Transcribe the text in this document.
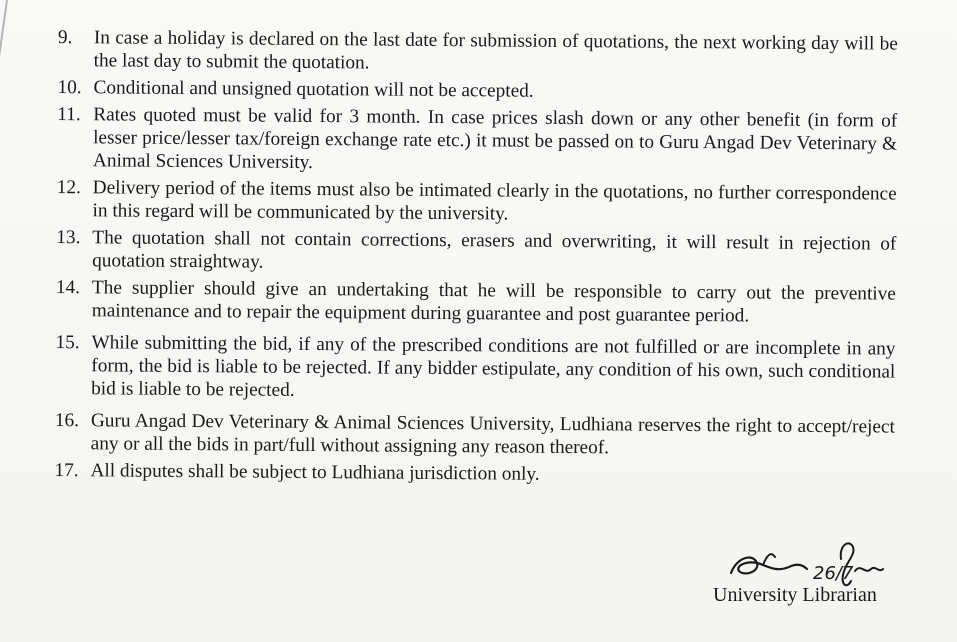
9.	In case a holiday is declared on the last date for submission of quotations, the next working day will be the last day to submit the quotation.
10. Conditional and unsigned quotation will not be accepted.
11. Rates quoted must be valid for 3 month. In case prices slash down or any other benefit (in form of lesser price/lesser tax/foreign exchange rate etc.) it must be passed on to Guru Angad Dev Veterinary & Animal Sciences University.
12. Delivery period of the items must also be intimated clearly in the quotations, no further correspondence in this regard will be communicated by the university.
13. The quotation shall not contain corrections, erasers and overwriting, it will result in rejection of quotation straightway.
14. The supplier should give an undertaking that he will be responsible to carry out the preventive maintenance and to repair the equipment during guarantee and post guarantee period.
15. While submitting the bid, if any of the prescribed conditions are not fulfilled or are incomplete in any form, the bid is liable to be rejected. If any bidder estipulate, any condition of his own, such conditional bid is liable to be rejected.
16. Guru Angad Dev Veterinary & Animal Sciences University, Ludhiana reserves the right to accept/reject any or all the bids in part/full without assigning any reason thereof.
17. All disputes shall be subject to Ludhiana jurisdiction only.
26/7
University Librarian
